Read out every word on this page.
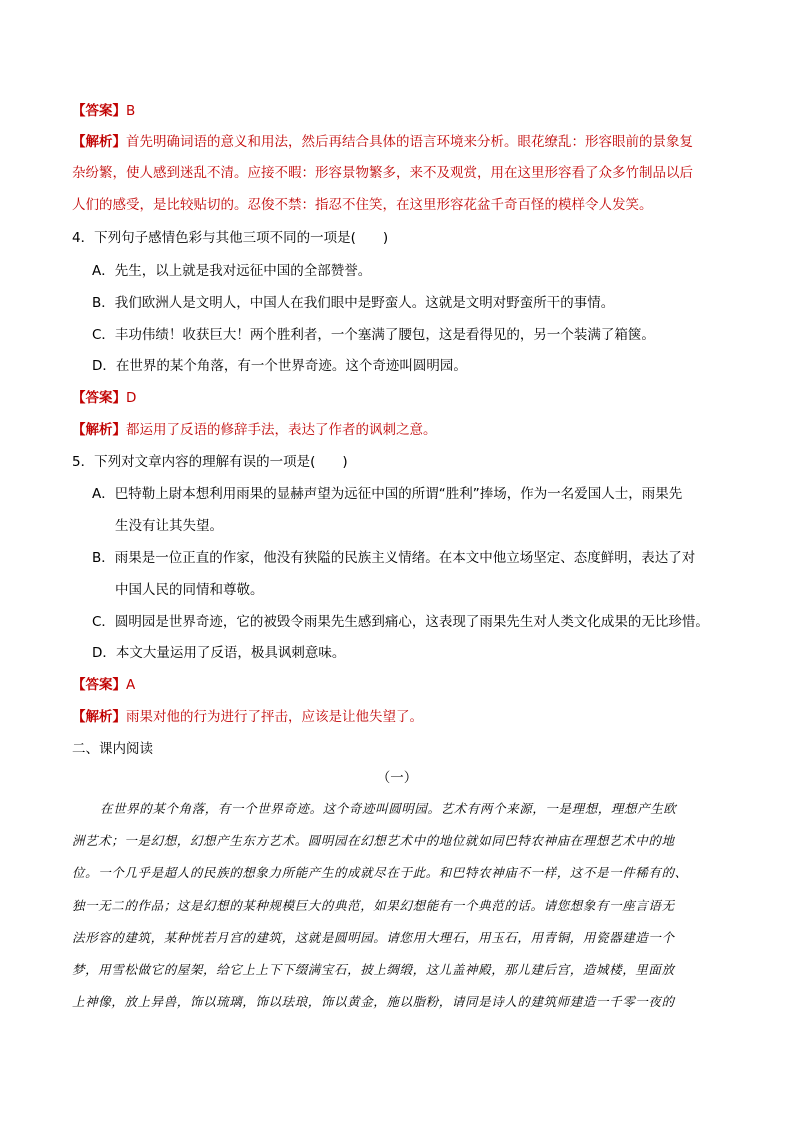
【答案】B
【解析】首先明确词语的意义和用法，然后再结合具体的语言环境来分析。眼花缭乱：形容眼前的景象复
杂纷繁，使人感到迷乱不清。应接不暇：形容景物繁多，来不及观赏，用在这里形容看了众多竹制品以后
人们的感受，是比较贴切的。忍俊不禁：指忍不住笑，在这里形容花盆千奇百怪的模样令人发笑。
4．下列句子感情色彩与其他三项不同的一项是(　　)
A．先生，以上就是我对远征中国的全部赞誉。
B．我们欧洲人是文明人，中国人在我们眼中是野蛮人。这就是文明对野蛮所干的事情。
C．丰功伟绩！收获巨大！两个胜利者，一个塞满了腰包，这是看得见的，另一个装满了箱箧。
D．在世界的某个角落，有一个世界奇迹。这个奇迹叫圆明园。
【答案】D
【解析】都运用了反语的修辞手法，表达了作者的讽刺之意。
5．下列对文章内容的理解有误的一项是(　　)
A．巴特勒上尉本想利用雨果的显赫声望为远征中国的所谓“胜利”捧场，作为一名爱国人士，雨果先
生没有让其失望。
B．雨果是一位正直的作家，他没有狭隘的民族主义情绪。在本文中他立场坚定、态度鲜明，表达了对
中国人民的同情和尊敬。
C．圆明园是世界奇迹，它的被毁令雨果先生感到痛心，这表现了雨果先生对人类文化成果的无比珍惜。
D．本文大量运用了反语，极具讽刺意味。
【答案】A
【解析】雨果对他的行为进行了抨击，应该是让他失望了。
二、课内阅读
（一）
在世界的某个角落，有一个世界奇迹。这个奇迹叫圆明园。艺术有两个来源，一是理想，理想产生欧
洲艺术；一是幻想，幻想产生东方艺术。圆明园在幻想艺术中的地位就如同巴特农神庙在理想艺术中的地
位。一个几乎是超人的民族的想象力所能产生的成就尽在于此。和巴特农神庙不一样，这不是一件稀有的、
独一无二的作品；这是幻想的某种规模巨大的典范，如果幻想能有一个典范的话。请您想象有一座言语无
法形容的建筑，某种恍若月宫的建筑，这就是圆明园。请您用大理石，用玉石，用青铜，用瓷器建造一个
梦，用雪松做它的屋架，给它上上下下缀满宝石，披上绸缎，这儿盖神殿，那儿建后宫，造城楼，里面放
上神像，放上异兽，饰以琉璃，饰以珐琅，饰以黄金，施以脂粉，请同是诗人的建筑师建造一千零一夜的
